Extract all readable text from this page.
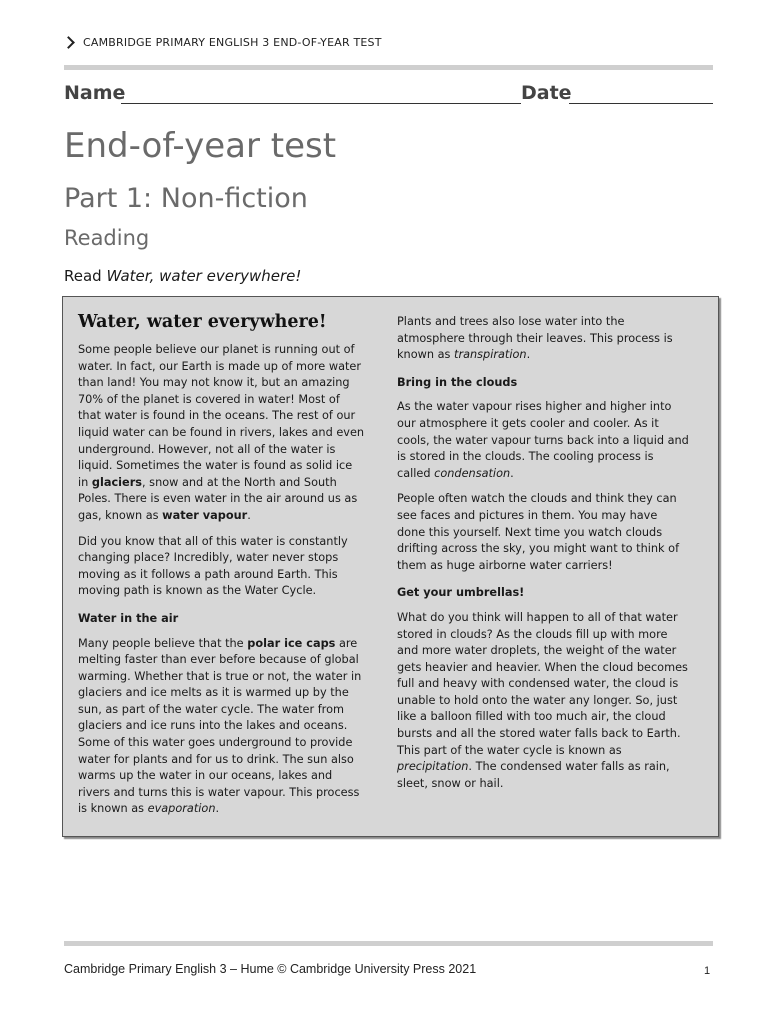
CAMBRIDGE PRIMARY ENGLISH 3 END-OF-YEAR TEST
Name	Date
End-of-year test
Part 1: Non-fiction
Reading
Read Water, water everywhere!
Water, water everywhere!

Some people believe our planet is running out of water. In fact, our Earth is made up of more water than land! You may not know it, but an amazing 70% of the planet is covered in water! Most of that water is found in the oceans. The rest of our liquid water can be found in rivers, lakes and even underground. However, not all of the water is liquid. Sometimes the water is found as solid ice in glaciers, snow and at the North and South Poles. There is even water in the air around us as gas, known as water vapour.

Did you know that all of this water is constantly changing place? Incredibly, water never stops moving as it follows a path around Earth. This moving path is known as the Water Cycle.

Water in the air

Many people believe that the polar ice caps are melting faster than ever before because of global warming. Whether that is true or not, the water in glaciers and ice melts as it is warmed up by the sun, as part of the water cycle. The water from glaciers and ice runs into the lakes and oceans. Some of this water goes underground to provide water for plants and for us to drink. The sun also warms up the water in our oceans, lakes and rivers and turns this is water vapour. This process is known as evaporation.

Plants and trees also lose water into the atmosphere through their leaves. This process is known as transpiration.

Bring in the clouds

As the water vapour rises higher and higher into our atmosphere it gets cooler and cooler. As it cools, the water vapour turns back into a liquid and is stored in the clouds. The cooling process is called condensation.

People often watch the clouds and think they can see faces and pictures in them. You may have done this yourself. Next time you watch clouds drifting across the sky, you might want to think of them as huge airborne water carriers!

Get your umbrellas!

What do you think will happen to all of that water stored in clouds? As the clouds fill up with more and more water droplets, the weight of the water gets heavier and heavier. When the cloud becomes full and heavy with condensed water, the cloud is unable to hold onto the water any longer. So, just like a balloon filled with too much air, the cloud bursts and all the stored water falls back to Earth. This part of the water cycle is known as precipitation. The condensed water falls as rain, sleet, snow or hail.

Cambridge Primary English 3 – Hume © Cambridge University Press 2021	1
